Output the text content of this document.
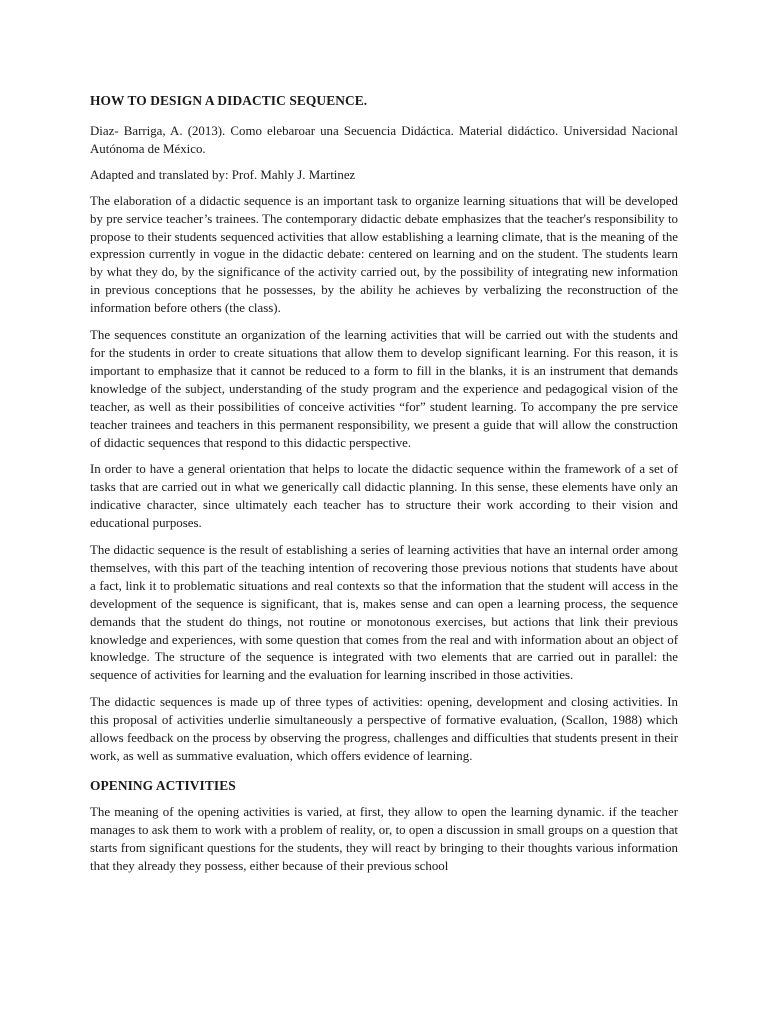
HOW TO DESIGN A DIDACTIC SEQUENCE.

Diaz- Barriga, A. (2013). Como elebaroar una Secuencia Didáctica. Material didáctico. Universidad Nacional Autónoma de México.

Adapted and translated by: Prof. Mahly J. Martinez

The elaboration of a didactic sequence is an important task to organize learning situations that will be developed by pre service teacher’s trainees. The contemporary didactic debate emphasizes that the teacher's responsibility to propose to their students sequenced activities that allow establishing a learning climate, that is the meaning of the expression currently in vogue in the didactic debate: centered on learning and on the student. The students learn by what they do, by the significance of the activity carried out, by the possibility of integrating new information in previous conceptions that he possesses, by the ability he achieves by verbalizing the reconstruction of the information before others (the class).

The sequences constitute an organization of the learning activities that will be carried out with the students and for the students in order to create situations that allow them to develop significant learning. For this reason, it is important to emphasize that it cannot be reduced to a form to fill in the blanks, it is an instrument that demands knowledge of the subject, understanding of the study program and the experience and pedagogical vision of the teacher, as well as their possibilities of conceive activities “for” student learning. To accompany the pre service teacher trainees and teachers in this permanent responsibility, we present a guide that will allow the construction of didactic sequences that respond to this didactic perspective.

In order to have a general orientation that helps to locate the didactic sequence within the framework of a set of tasks that are carried out in what we generically call didactic planning. In this sense, these elements have only an indicative character, since ultimately each teacher has to structure their work according to their vision and educational purposes.

The didactic sequence is the result of establishing a series of learning activities that have an internal order among themselves, with this part of the teaching intention of recovering those previous notions that students have about a fact, link it to problematic situations and real contexts so that the information that the student will access in the development of the sequence is significant, that is, makes sense and can open a learning process, the sequence demands that the student do things, not routine or monotonous exercises, but actions that link their previous knowledge and experiences, with some question that comes from the real and with information about an object of knowledge. The structure of the sequence is integrated with two elements that are carried out in parallel: the sequence of activities for learning and the evaluation for learning inscribed in those activities.

The didactic sequences is made up of three types of activities: opening, development and closing activities. In this proposal of activities underlie simultaneously a perspective of formative evaluation, (Scallon, 1988) which allows feedback on the process by observing the progress, challenges and difficulties that students present in their work, as well as summative evaluation, which offers evidence of learning.

OPENING ACTIVITIES

The meaning of the opening activities is varied, at first, they allow to open the learning dynamic. if the teacher manages to ask them to work with a problem of reality, or, to open a discussion in small groups on a question that starts from significant questions for the students, they will react by bringing to their thoughts various information that they already they possess, either because of their previous school
